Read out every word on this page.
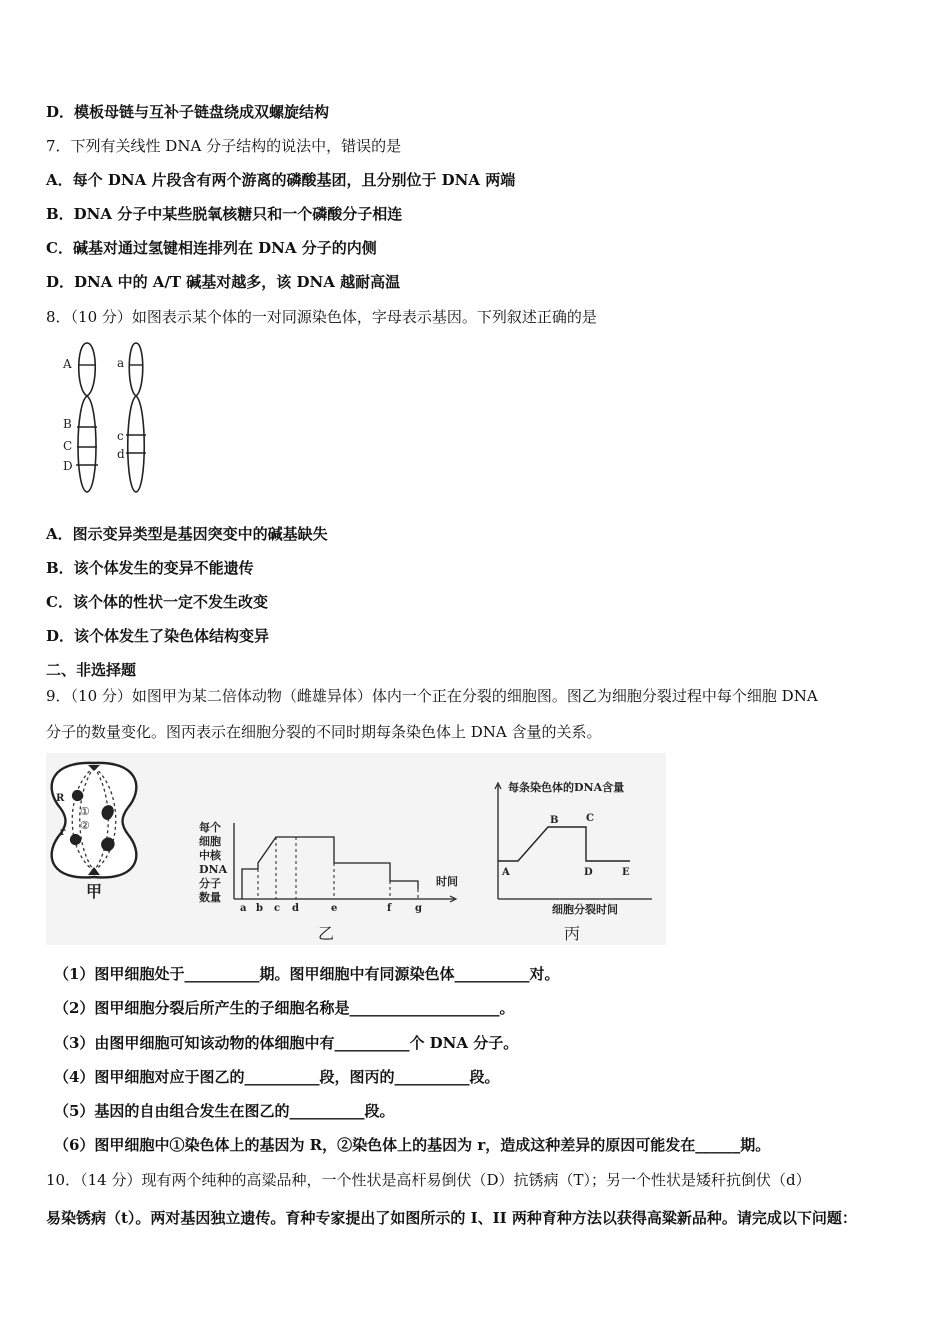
D．模板母链与互补子链盘绕成双螺旋结构
7．下列有关线性 DNA 分子结构的说法中，错误的是
A．每个 DNA 片段含有两个游离的磷酸基团，且分别位于 DNA 两端
B．DNA 分子中某些脱氧核糖只和一个磷酸分子相连
C．碱基对通过氢键相连排列在 DNA 分子的内侧
D．DNA 中的 A/T 碱基对越多，该 DNA 越耐高温
8．（10 分）如图表示某个体的一对同源染色体，字母表示基因。下列叙述正确的是
A
B
C
D
a
c
d
A．图示变异类型是基因突变中的碱基缺失
B．该个体发生的变异不能遗传
C．该个体的性状一定不发生改变
D．该个体发生了染色体结构变异
二、非选择题
9．（10 分）如图甲为某二倍体动物（雌雄异体）体内一个正在分裂的细胞图。图乙为细胞分裂过程中每个细胞 DNA
分子的数量变化。图丙表示在细胞分裂的不同时期每条染色体上 DNA 含量的关系。
R
①
②
r
甲
每个 细胞 中核 DNA 分子 数量
时间
a b c d	e	f g
乙
每条染色体的DNA含量
A
B	C
D	E
细胞分裂时间
丙
（1）图甲细胞处于__________期。图甲细胞中有同源染色体__________对。
（2）图甲细胞分裂后所产生的子细胞名称是____________________。
（3）由图甲细胞可知该动物的体细胞中有__________个 DNA 分子。
（4）图甲细胞对应于图乙的__________段，图丙的__________段。
（5）基因的自由组合发生在图乙的__________段。
（6）图甲细胞中①染色体上的基因为 R，②染色体上的基因为 r，造成这种差异的原因可能发在______期。
10．（14 分）现有两个纯种的高粱品种，一个性状是高杆易倒伏（D）抗锈病（T）；另一个性状是矮秆抗倒伏（d）
易染锈病（t）。两对基因独立遗传。育种专家提出了如图所示的 I、II 两种育种方法以获得高粱新品种。请完成以下问题：
